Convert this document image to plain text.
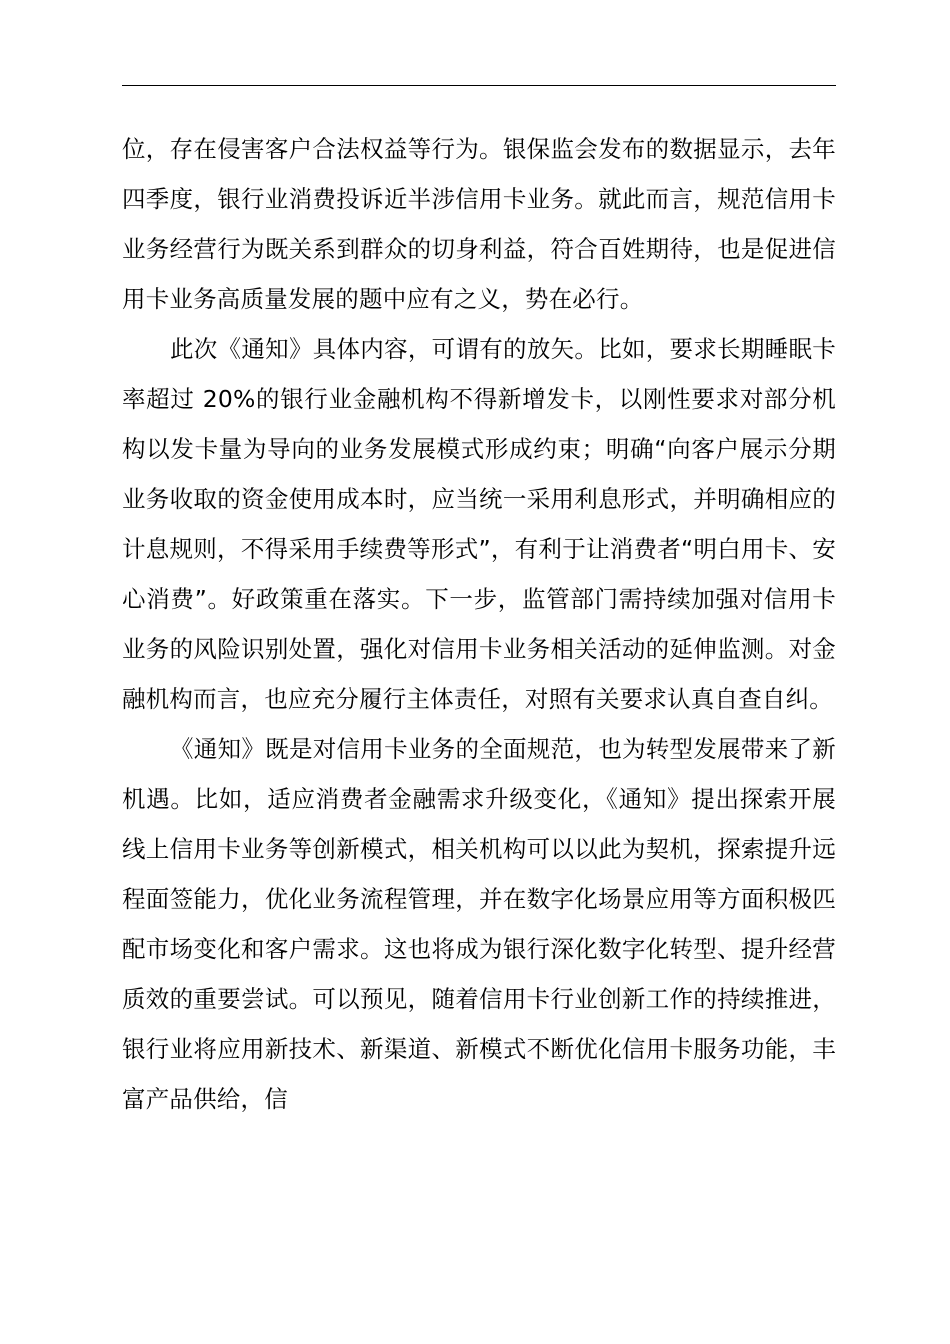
位，存在侵害客户合法权益等行为。银保监会发布的数据显示，去年四季度，银行业消费投诉近半涉信用卡业务。就此而言，规范信用卡业务经营行为既关系到群众的切身利益，符合百姓期待，也是促进信用卡业务高质量发展的题中应有之义，势在必行。

此次《通知》具体内容，可谓有的放矢。比如，要求长期睡眠卡率超过 20%的银行业金融机构不得新增发卡，以刚性要求对部分机构以发卡量为导向的业务发展模式形成约束；明确“向客户展示分期业务收取的资金使用成本时，应当统一采用利息形式，并明确相应的计息规则，不得采用手续费等形式”，有利于让消费者“明白用卡、安心消费”。好政策重在落实。下一步，监管部门需持续加强对信用卡业务的风险识别处置，强化对信用卡业务相关活动的延伸监测。对金融机构而言，也应充分履行主体责任，对照有关要求认真自查自纠。

《通知》既是对信用卡业务的全面规范，也为转型发展带来了新机遇。比如，适应消费者金融需求升级变化，《通知》提出探索开展线上信用卡业务等创新模式，相关机构可以以此为契机，探索提升远程面签能力，优化业务流程管理，并在数字化场景应用等方面积极匹配市场变化和客户需求。这也将成为银行深化数字化转型、提升经营质效的重要尝试。可以预见，随着信用卡行业创新工作的持续推进，银行业将应用新技术、新渠道、新模式不断优化信用卡服务功能，丰富产品供给，信
